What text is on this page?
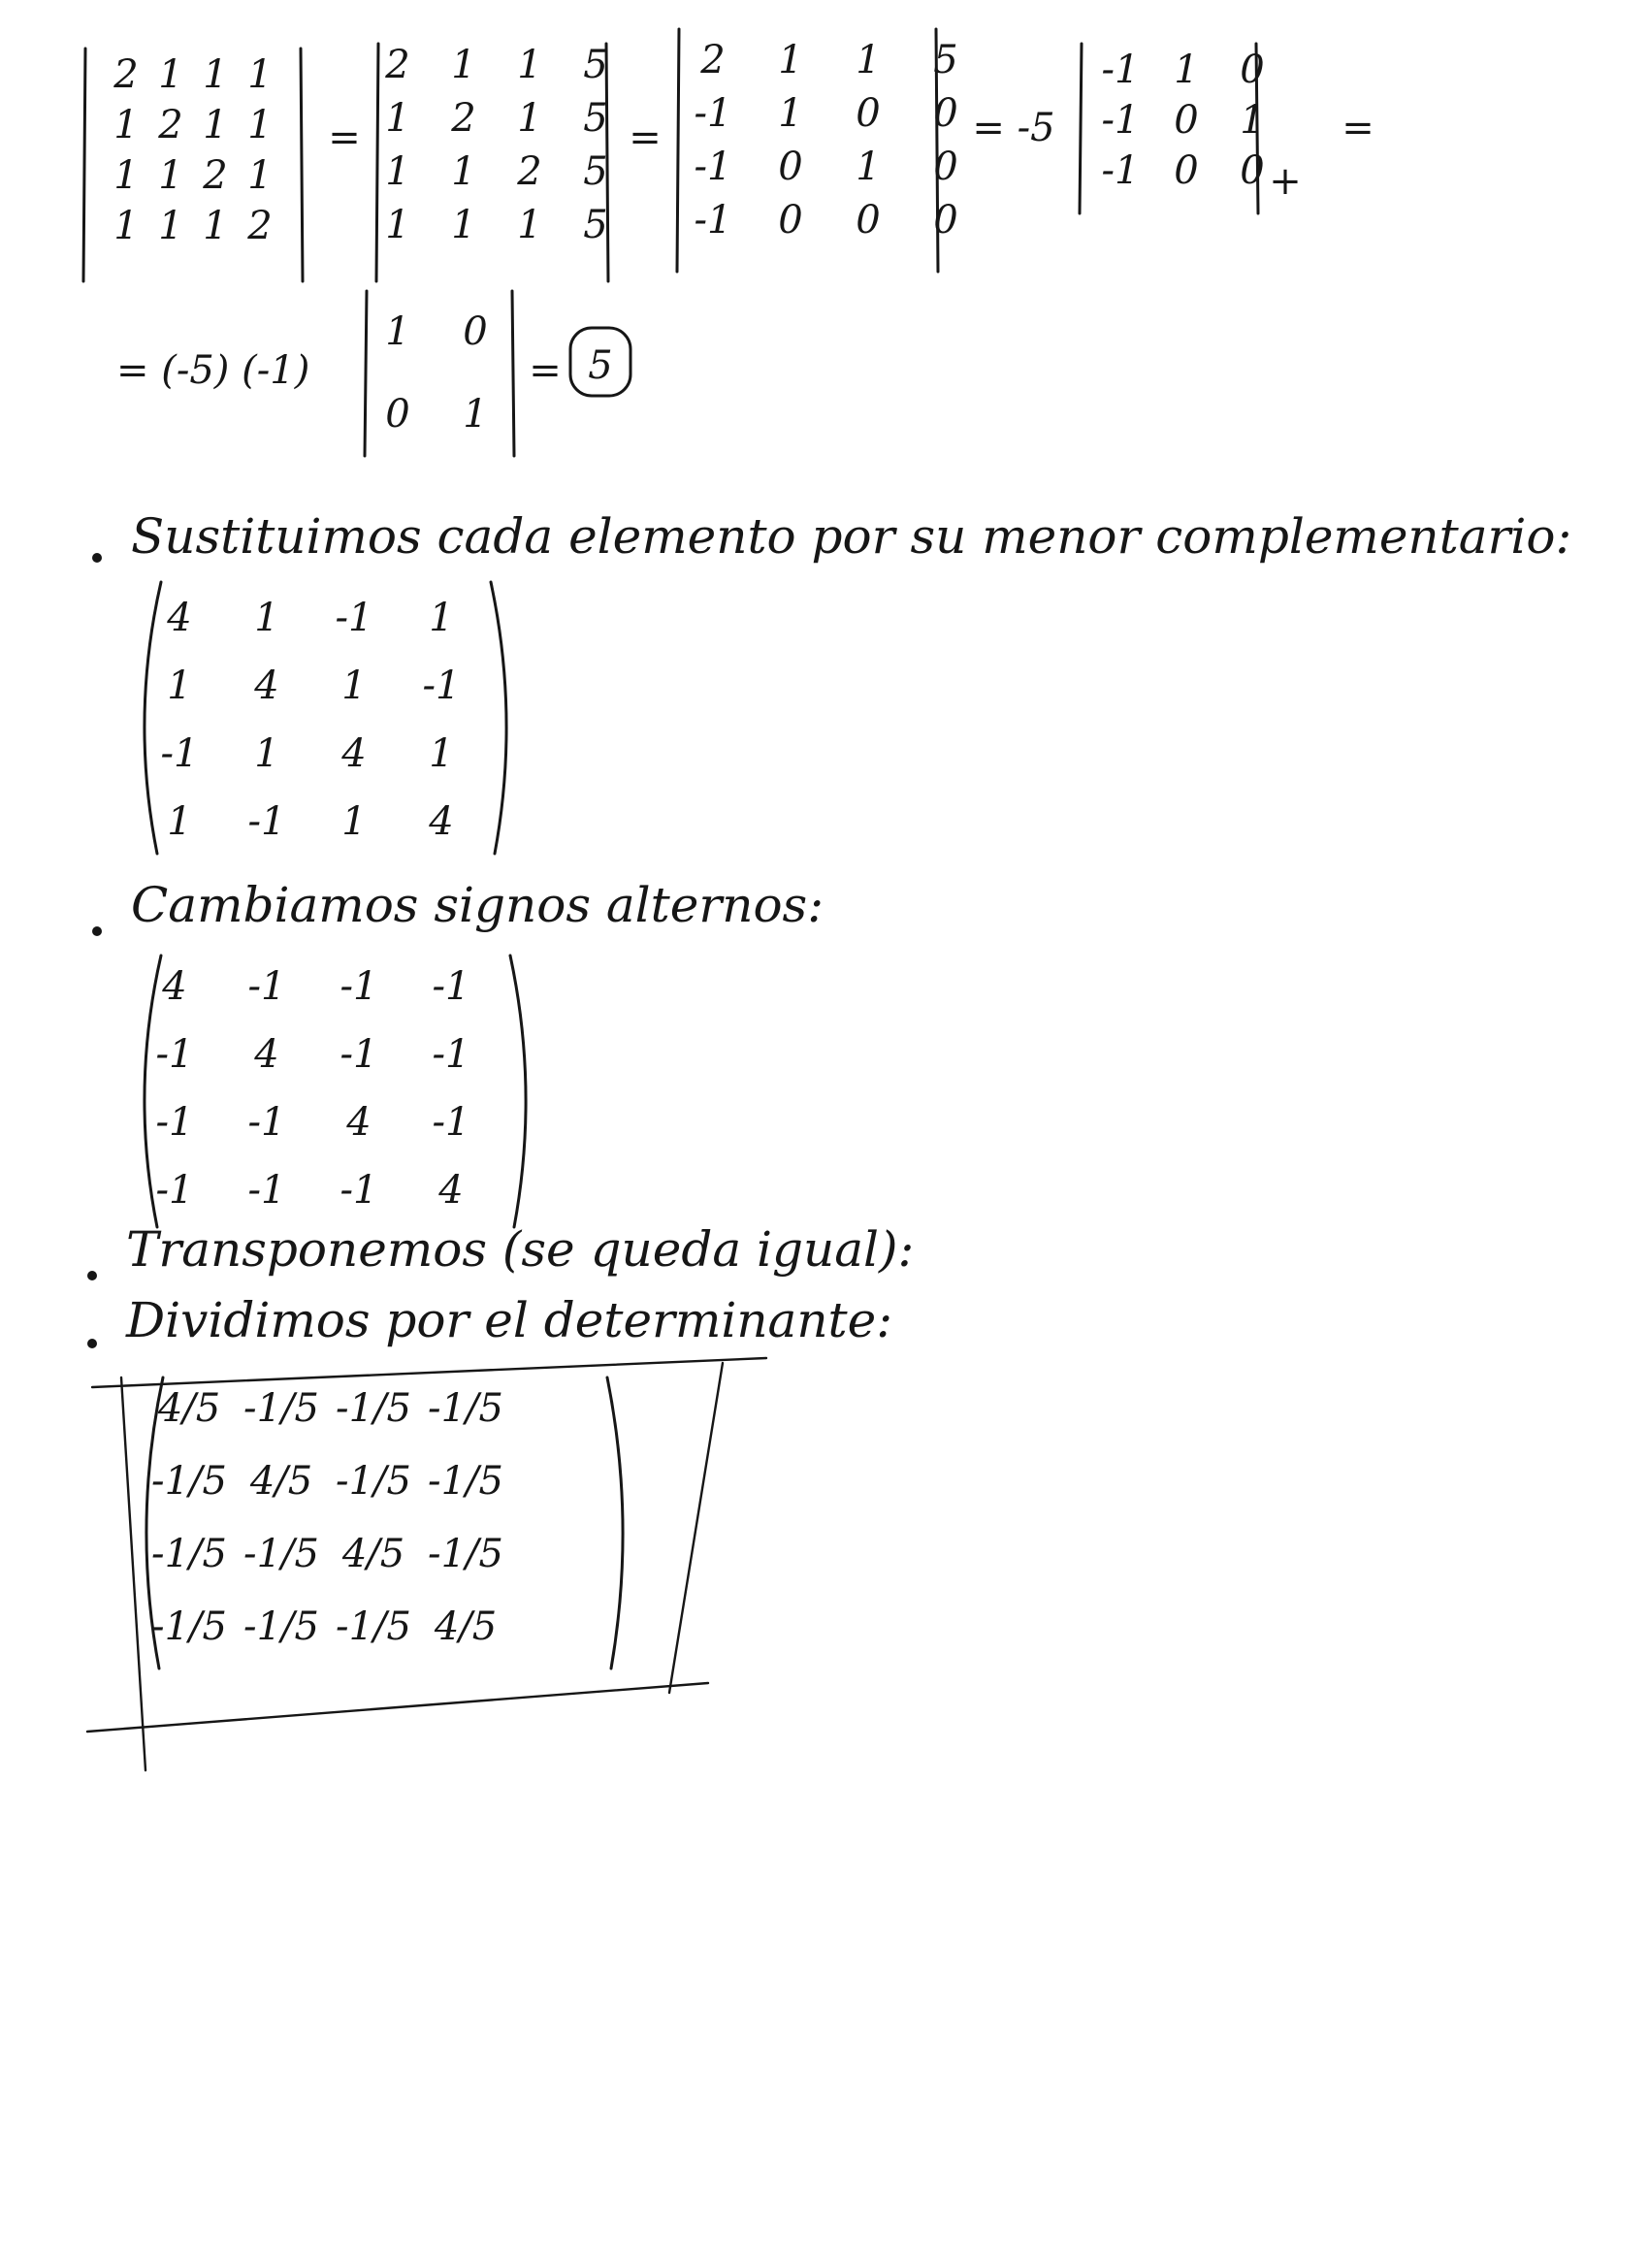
2 1 1 1
1 2 1 1
1 1 2 1
1 1 1 2
=
2 1 1 5
1 2 1 5
1 1 2 5
1 1 1 5
=
2 1 1 5
-1 1 0 0
-1 0 1 0
-1 0 0 0
= -5
-1 1 0
-1 0 1
-1 0 0 +
=
= (-5) (-1)
1 0
0 1
= 5
Sustituimos cada elemento por su menor complementario:
4 1 -1 1
1 4 1 -1
-1 1 4 1
1 -1 1 4
Cambiamos signos alternos:
4 -1 -1 -1
-1 4 -1 -1
-1 -1 4 -1
-1 -1 -1 4
Transponemos (se queda igual):
Dividimos por el determinante:
4/5 -1/5 -1/5 -1/5
-1/5 4/5 -1/5 -1/5
-1/5 -1/5 4/5 -1/5
-1/5 -1/5 -1/5 4/5
